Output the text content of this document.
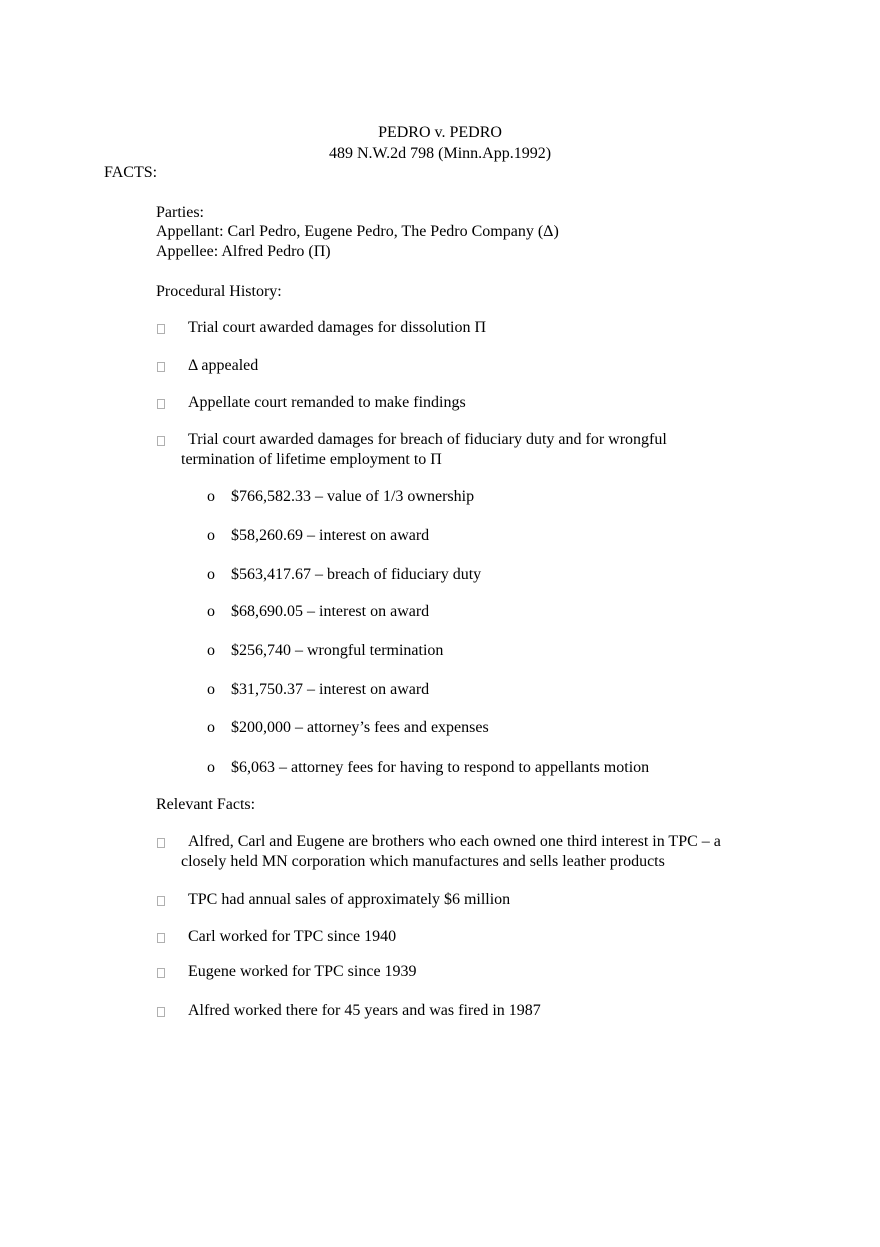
PEDRO v. PEDRO
489 N.W.2d 798 (Minn.App.1992)
FACTS:
Parties:
Appellant: Carl Pedro, Eugene Pedro, The Pedro Company (Δ)
Appellee: Alfred Pedro (Π)
Procedural History:
Trial court awarded damages for dissolution Π
Δ appealed
Appellate court remanded to make findings
Trial court awarded damages for breach of fiduciary duty and for wrongful
termination of lifetime employment to Π
o $766,582.33 – value of 1/3 ownership
o $58,260.69 – interest on award
o $563,417.67 – breach of fiduciary duty
o $68,690.05 – interest on award
o $256,740 – wrongful termination
o $31,750.37 – interest on award
o $200,000 – attorney’s fees and expenses
o $6,063 – attorney fees for having to respond to appellants motion
Relevant Facts:
Alfred, Carl and Eugene are brothers who each owned one third interest in TPC – a
closely held MN corporation which manufactures and sells leather products
TPC had annual sales of approximately $6 million
Carl worked for TPC since 1940
Eugene worked for TPC since 1939
Alfred worked there for 45 years and was fired in 1987
